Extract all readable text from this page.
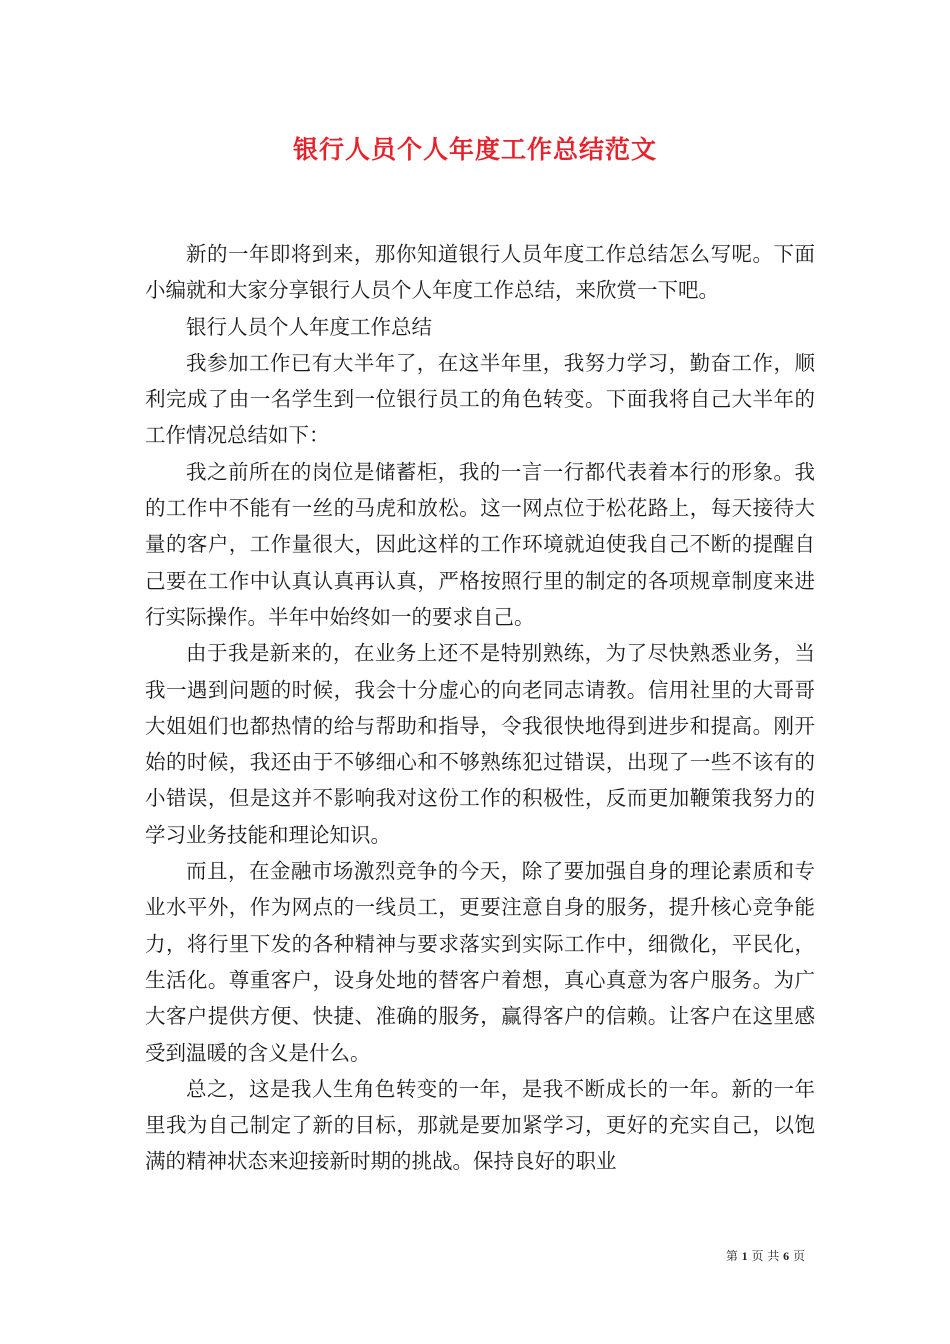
银行人员个人年度工作总结范文

新的一年即将到来，那你知道银行人员年度工作总结怎么写呢。下面小编就和大家分享银行人员个人年度工作总结，来欣赏一下吧。

银行人员个人年度工作总结

我参加工作已有大半年了，在这半年里，我努力学习，勤奋工作，顺利完成了由一名学生到一位银行员工的角色转变。下面我将自己大半年的工作情况总结如下：

我之前所在的岗位是储蓄柜，我的一言一行都代表着本行的形象。我的工作中不能有一丝的马虎和放松。这一网点位于松花路上，每天接待大量的客户，工作量很大，因此这样的工作环境就迫使我自己不断的提醒自己要在工作中认真认真再认真，严格按照行里的制定的各项规章制度来进行实际操作。半年中始终如一的要求自己。

由于我是新来的，在业务上还不是特别熟练，为了尽快熟悉业务，当我一遇到问题的时候，我会十分虚心的向老同志请教。信用社里的大哥哥大姐姐们也都热情的给与帮助和指导，令我很快地得到进步和提高。刚开始的时候，我还由于不够细心和不够熟练犯过错误，出现了一些不该有的小错误，但是这并不影响我对这份工作的积极性，反而更加鞭策我努力的学习业务技能和理论知识。

而且，在金融市场激烈竞争的今天，除了要加强自身的理论素质和专业水平外，作为网点的一线员工，更要注意自身的服务，提升核心竞争能力，将行里下发的各种精神与要求落实到实际工作中，细微化，平民化，生活化。尊重客户，设身处地的替客户着想，真心真意为客户服务。为广大客户提供方便、快捷、准确的服务，赢得客户的信赖。让客户在这里感受到温暖的含义是什么。

总之，这是我人生角色转变的一年，是我不断成长的一年。新的一年里我为自己制定了新的目标，那就是要加紧学习，更好的充实自己，以饱满的精神状态来迎接新时期的挑战。保持良好的职业

第 1 页 共 6 页
